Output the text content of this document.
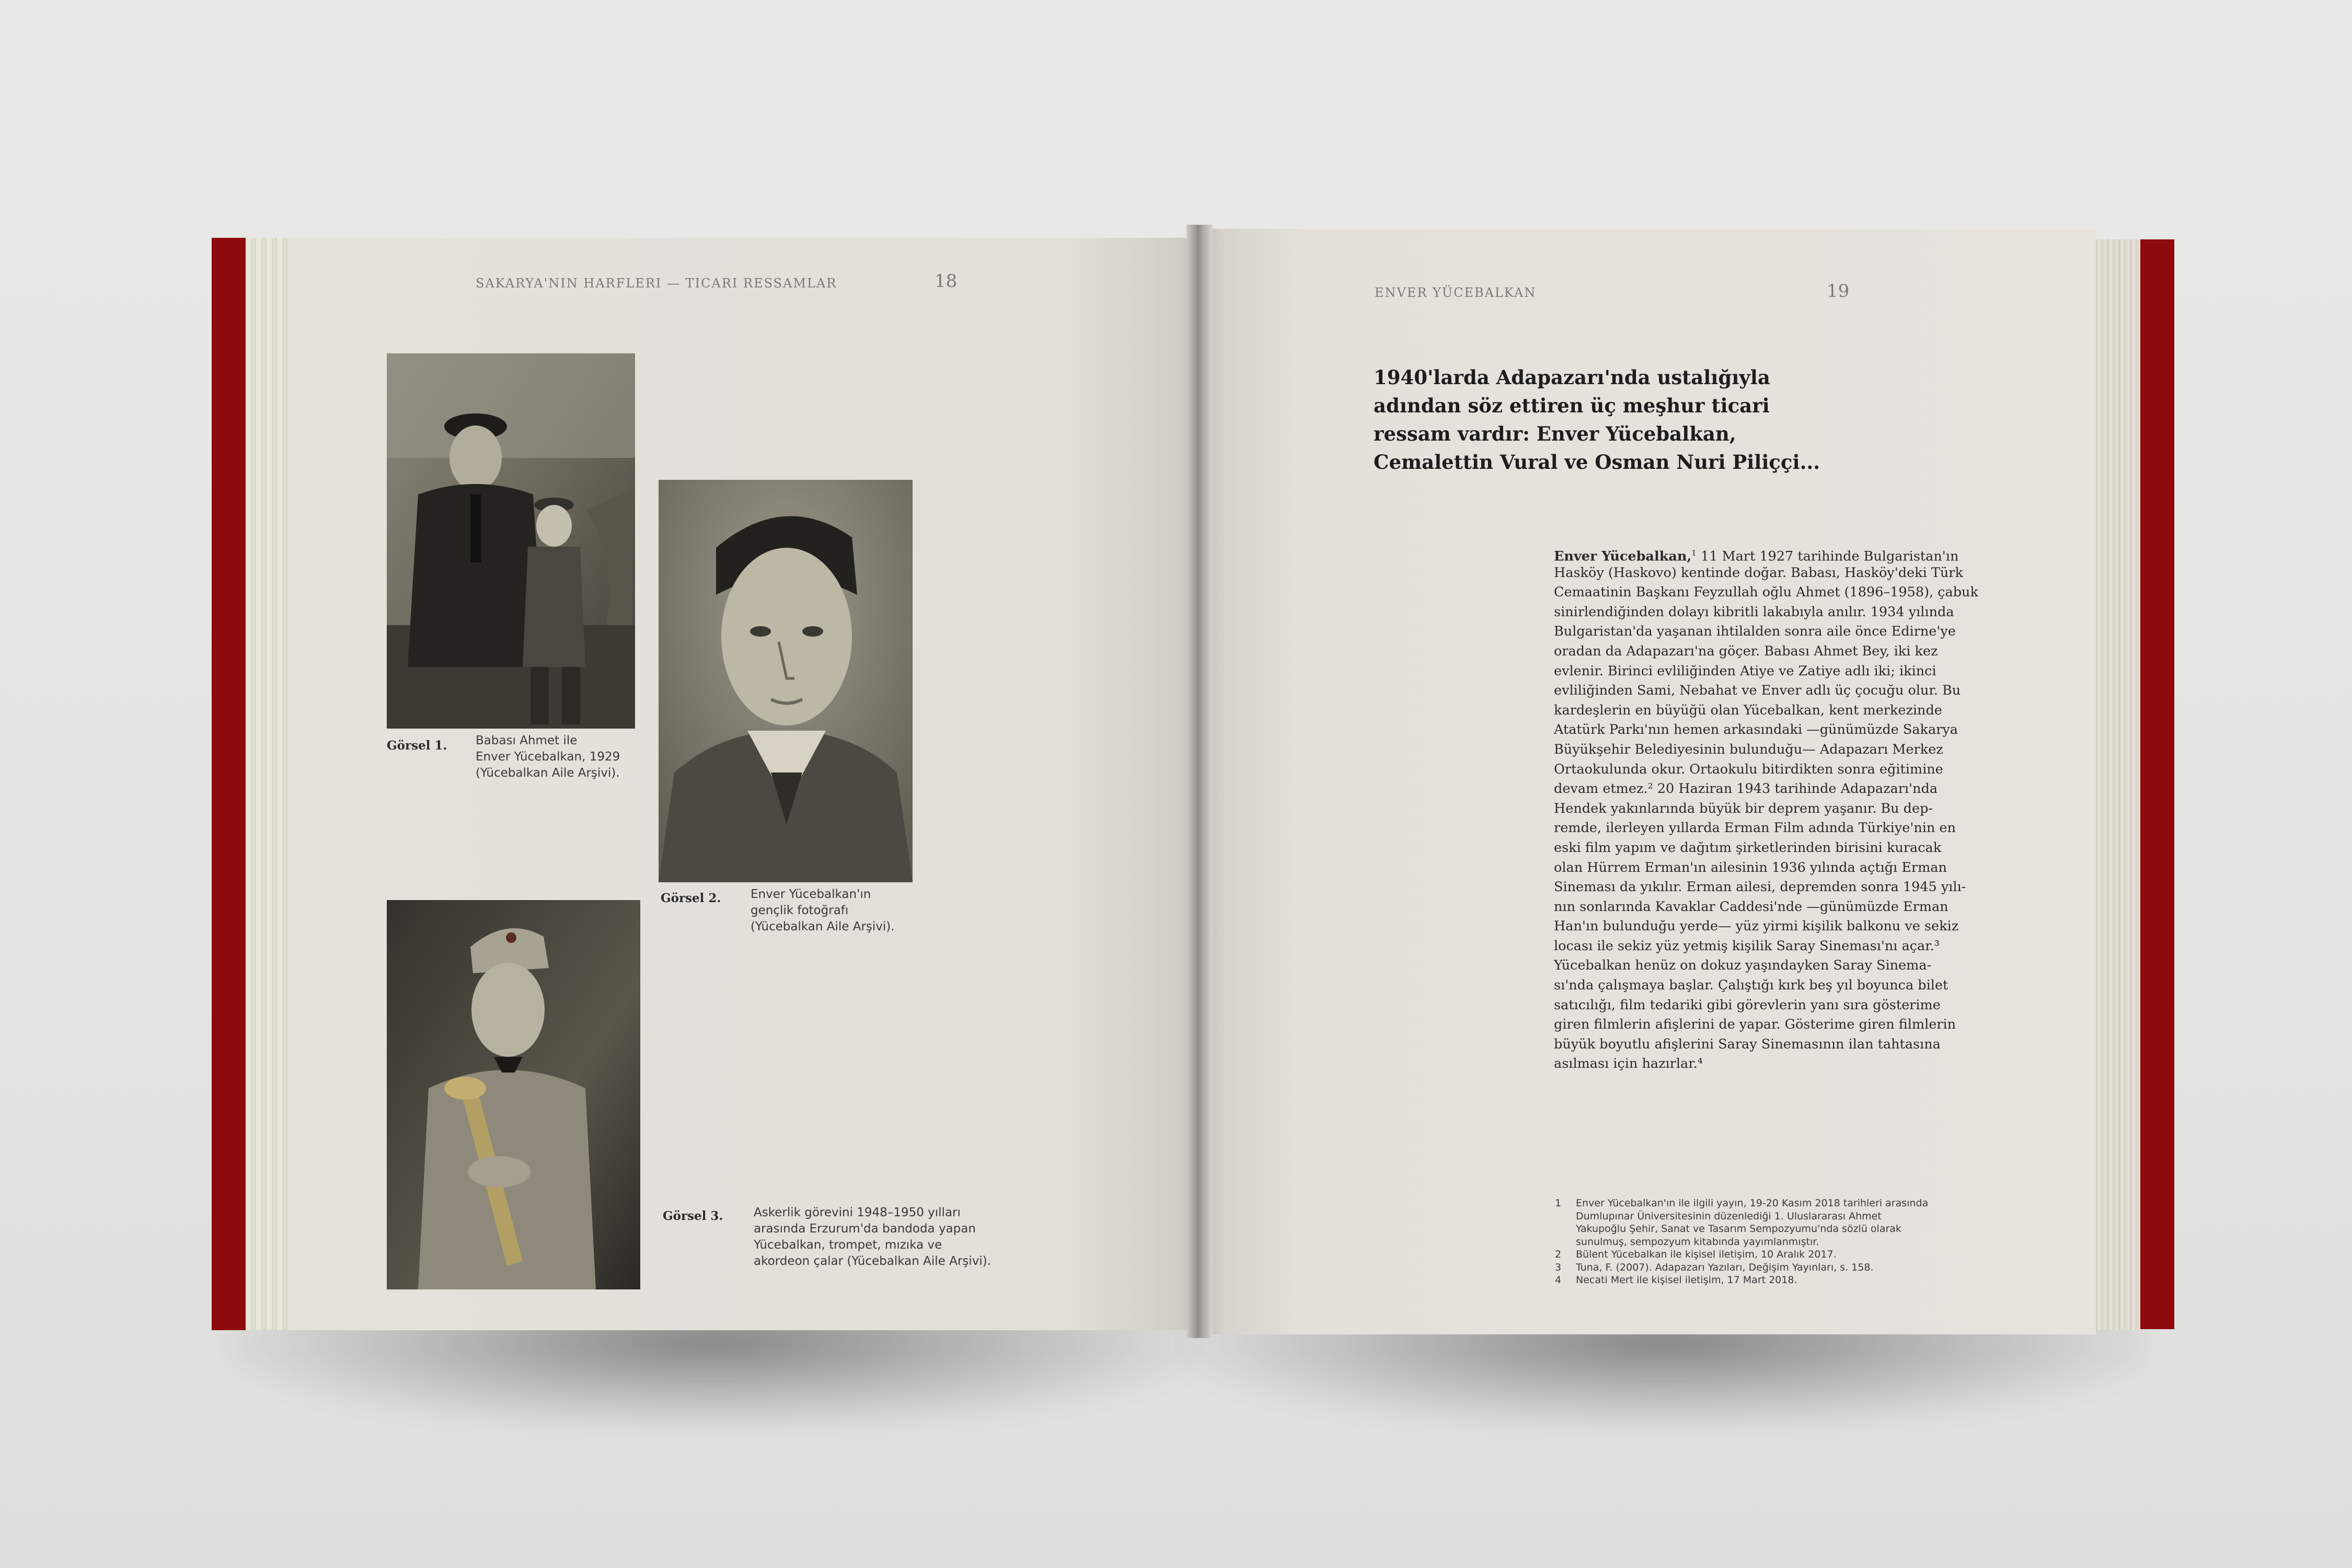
SAKARYA'NIN HARFLERI — TICARI RESSAMLAR	18
Görsel 1. Babası Ahmet ile
Enver Yücebalkan, 1929
(Yücebalkan Aile Arşivi).
Görsel 2. Enver Yücebalkan'ın
gençlik fotoğrafı
(Yücebalkan Aile Arşivi).
Görsel 3.	Askerlik görevini 1948–1950 yılları
arasında Erzurum'da bandoda yapan
Yücebalkan, trompet, mızıka ve
akordeon çalar (Yücebalkan Aile Arşivi).
ENVER YÜCEBALKAN	19
1940'larda Adapazarı'nda ustalığıyla
adından söz ettiren üç meşhur ticari
ressam vardır: Enver Yücebalkan,
Cemalettin Vural ve Osman Nuri Piliççi...
Enver Yücebalkan,$^1$ 11 Mart 1927 tarihinde Bulgaristan'ın
Hasköy (Haskovo) kentinde doğar. Babası, Hasköy'deki Türk
Cemaatinin Başkanı Feyzullah oğlu Ahmet (1896–1958), çabuk
sinirlendiğinden dolayı kibritli lakabıyla anılır. 1934 yılında
Bulgaristan'da yaşanan ihtilalden sonra aile önce Edirne'ye
oradan da Adapazarı'na göçer. Babası Ahmet Bey, iki kez
evlenir. Birinci evliliğinden Atiye ve Zatiye adlı iki; ikinci
evliliğinden Sami, Nebahat ve Enver adlı üç çocuğu olur. Bu
kardeşlerin en büyüğü olan Yücebalkan, kent merkezinde
Atatürk Parkı'nın hemen arkasındaki —günümüzde Sakarya
Büyükşehir Belediyesinin bulunduğu— Adapazarı Merkez
Ortaokulunda okur. Ortaokulu bitirdikten sonra eğitimine
devam etmez.² 20 Haziran 1943 tarihinde Adapazarı'nda
Hendek yakınlarında büyük bir deprem yaşanır. Bu dep-
remde, ilerleyen yıllarda Erman Film adında Türkiye'nin en
eski film yapım ve dağıtım şirketlerinden birisini kuracak
olan Hürrem Erman'ın ailesinin 1936 yılında açtığı Erman
Sineması da yıkılır. Erman ailesi, depremden sonra 1945 yılı-
nın sonlarında Kavaklar Caddesi'nde —günümüzde Erman
Han'ın bulunduğu yerde— yüz yirmi kişilik balkonu ve sekiz
locası ile sekiz yüz yetmiş kişilik Saray Sineması'nı açar.³
Yücebalkan henüz on dokuz yaşındayken Saray Sinema-
sı'nda çalışmaya başlar. Çalıştığı kırk beş yıl boyunca bilet
satıcılığı, film tedariki gibi görevlerin yanı sıra gösterime
giren filmlerin afişlerini de yapar. Gösterime giren filmlerin
büyük boyutlu afişlerini Saray Sinemasının ilan tahtasına
asılması için hazırlar.⁴
1 Enver Yücebalkan'ın ile ilgili yayın, 19-20 Kasım 2018 tarihleri arasında
Dumlupınar Üniversitesinin düzenlediği 1. Uluslararası Ahmet
Yakupoğlu Şehir, Sanat ve Tasarım Sempozyumu'nda sözlü olarak
sunulmuş, sempozyum kitabında yayımlanmıştır.
2 Bülent Yücebalkan ile kişisel iletişim, 10 Aralık 2017.
3 Tuna, F. (2007). Adapazarı Yazıları, Değişim Yayınları, s. 158.
4 Necati Mert ile kişisel iletişim, 17 Mart 2018.
